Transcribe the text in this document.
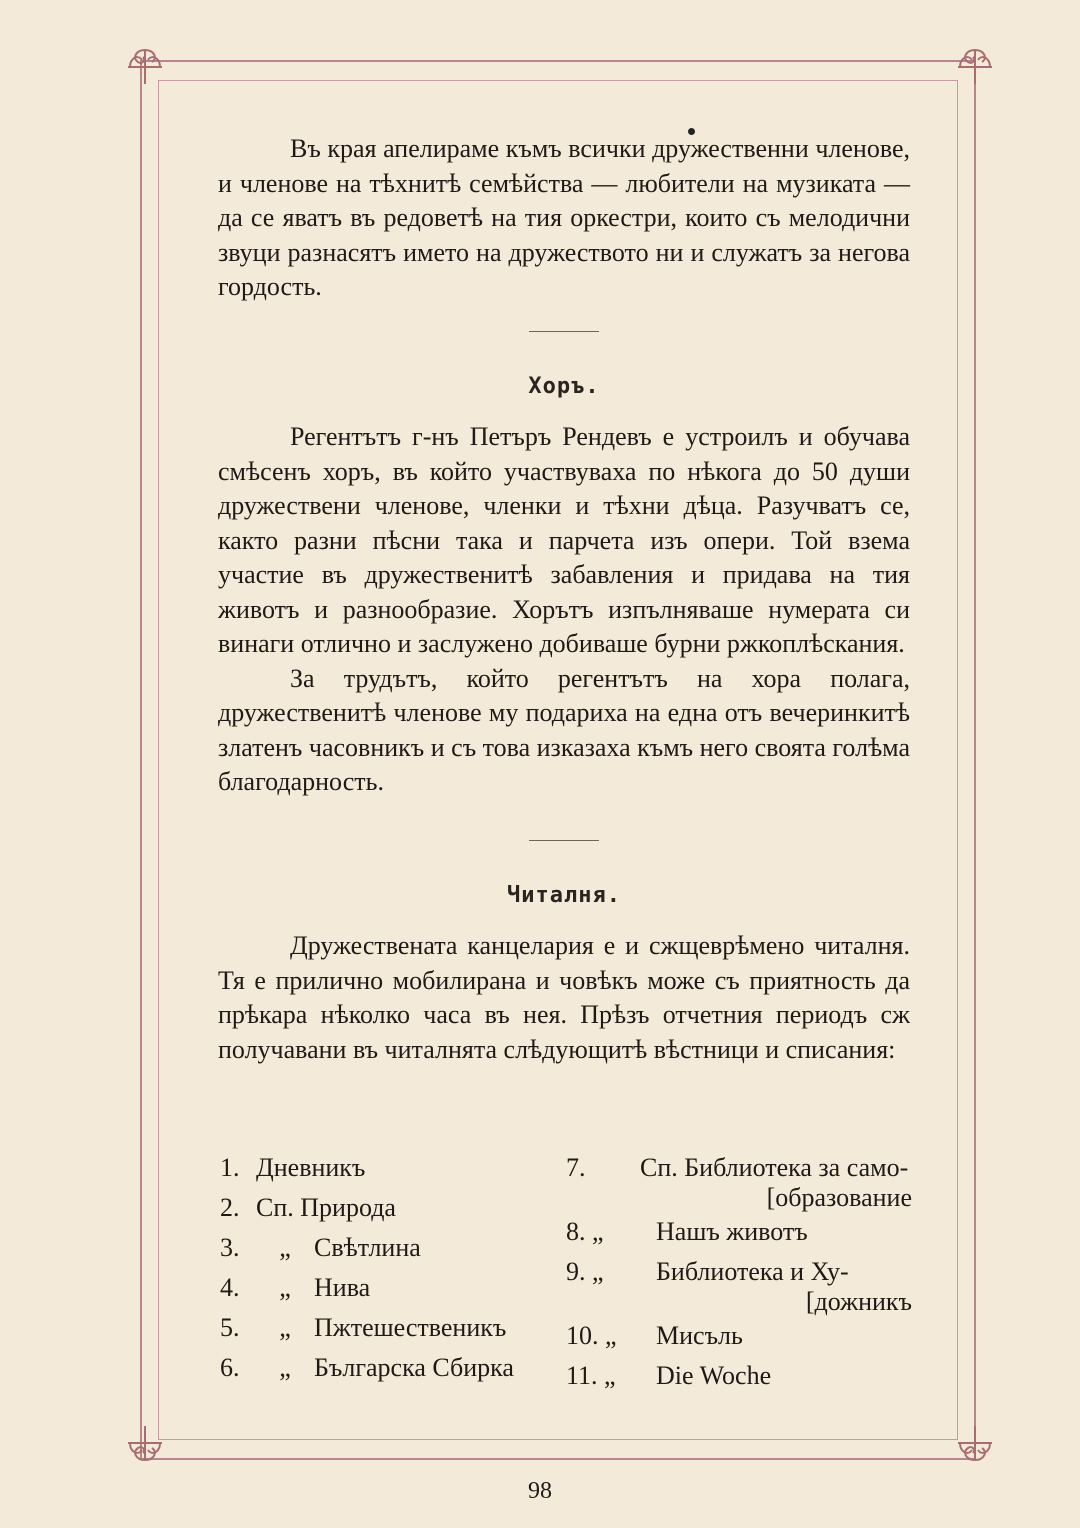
Въ края апелираме къмъ всички дружественни членове, и членове на тѣхнитѣ семѣйства — любители на музиката — да се яватъ въ редоветѣ на тия оркестри, които съ мелодични звуци разнасятъ името на дружеството ни и служатъ за негова гордость.

Хоръ.

Регентътъ г-нъ Петъръ Рендевъ е устроилъ и обучава смѣсенъ хоръ, въ който участвуваха по нѣкога до 50 души дружествени членове, членки и тѣхни дѣца. Разучватъ се, както разни пѣсни така и парчета изъ опери. Той взема участие въ дружественитѣ забавления и придава на тия животъ и разнообразие. Хорътъ изпълняваше нумерата си винаги отлично и заслужено добиваше бурни ржкоплѣскания.

За трудътъ, който регентътъ на хора полага, дружественитѣ членове му подариха на една отъ вечеринкитѣ златенъ часовникъ и съ това изказаха къмъ него своята голѣма благодарность.

Читалня.

Дружествената канцелария е и сжщеврѣмено читалня. Тя е прилично мобилирана и човѣкъ може съ приятность да прѣкара нѣколко часа въ нея. Прѣзъ отчетния периодъ сж получавани въ читалнята слѣдующитѣ вѣстници и списания:

1. Дневникъ
2. Сп. Природа
3. „ Свѣтлина
4. „ Нива
5. „ Пжтешественикъ
6. „ Българска Сбирка
7. Сп. Библиотека за само-
[образование
8. „ Нашъ животъ
9. „ Библиотека и Ху-
[дожникъ
10. „ Мисъль
11. „ Die Woche
98
